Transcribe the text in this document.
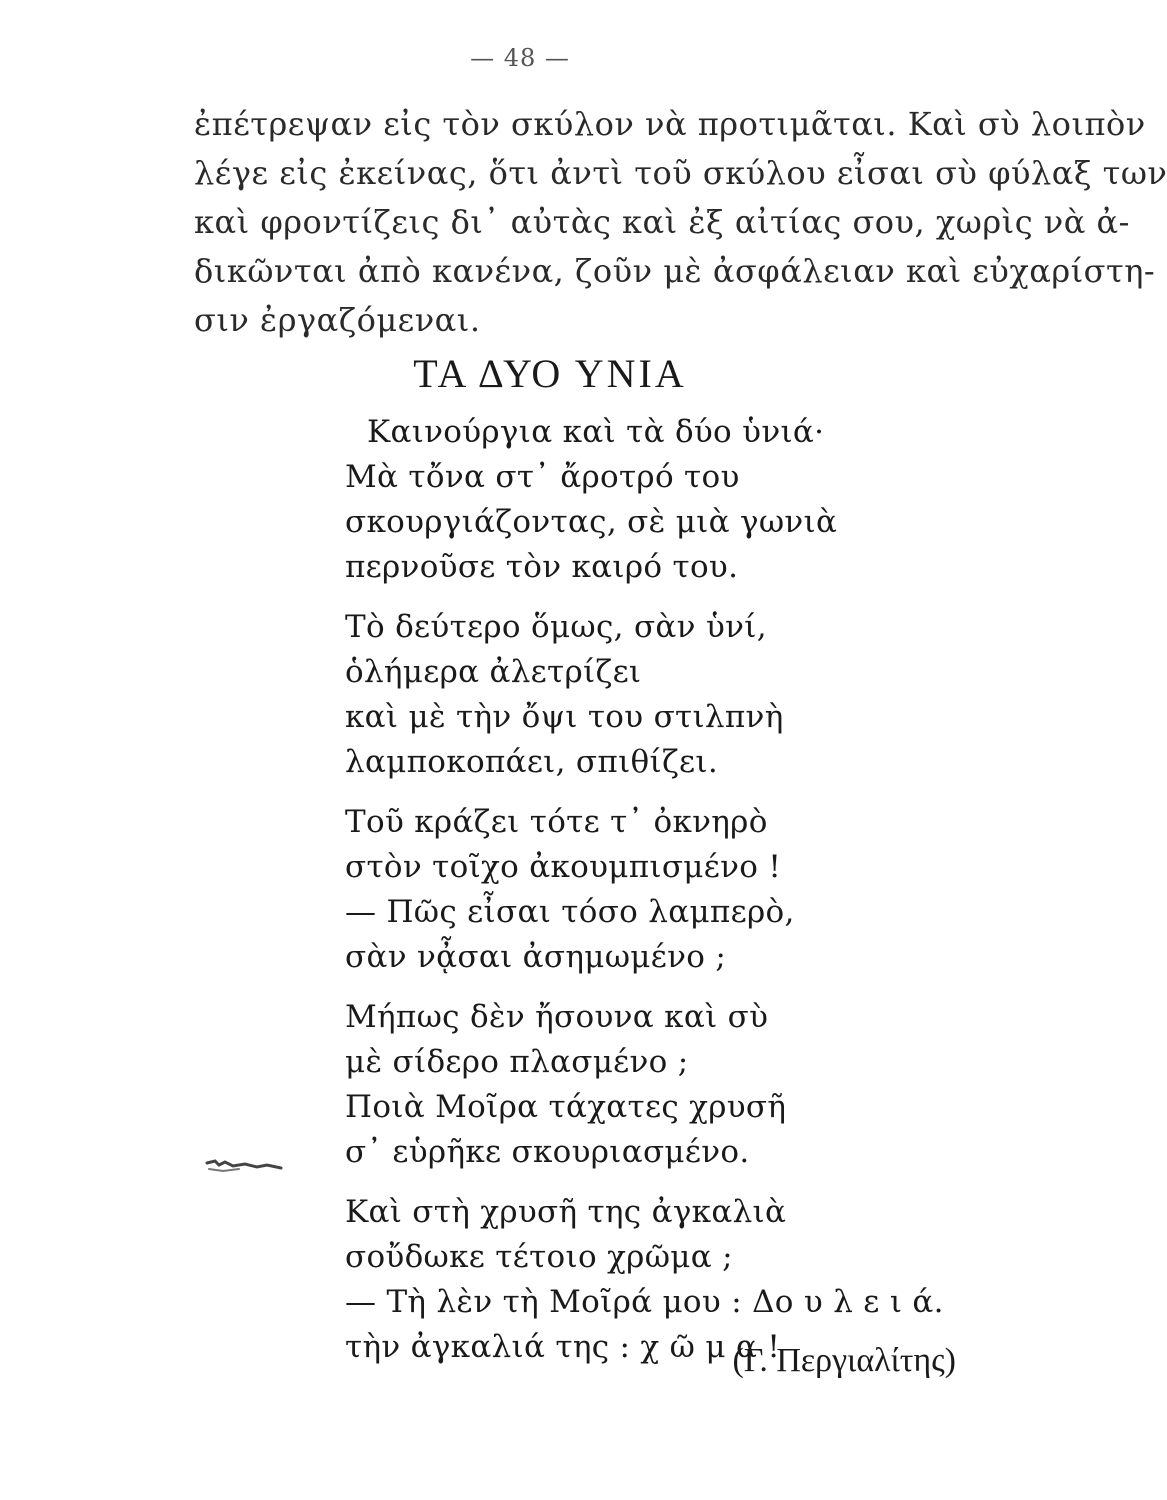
— 48 —
ἐπέτρεψαν εἰς τὸν σκύλον νὰ προτιμᾶται. Καὶ σὺ λοιπὸν
λέγε εἰς ἐκείνας, ὅτι ἀντὶ τοῦ σκύλου εἶσαι σὺ φύλαξ των
καὶ φροντίζεις δι᾽ αὐτὰς καὶ ἐξ αἰτίας σου, χωρὶς νὰ ἀ-
δικῶνται ἀπὸ κανένα, ζοῦν μὲ ἀσφάλειαν καὶ εὐχαρίστη-
σιν ἐργαζόμεναι.
ΤΑ ΔΥΟ ΥΝΙΑ
Καινούργια καὶ τὰ δύο ὑνιά·
Μὰ τὄνα στ᾽ ἄροτρό του
σκουργιάζοντας, σὲ μιὰ γωνιὰ
περνοῦσε τὸν καιρό του.
Τὸ δεύτερο ὅμως, σὰν ὑνί,
ὁλήμερα ἀλετρίζει
καὶ μὲ τὴν ὄψι του στιλπνὴ
λαμποκοπάει, σπιθίζει.
Τοῦ κράζει τότε τ᾽ ὀκνηρὸ
στὸν τοῖχο ἀκουμπισμένο !
— Πῶς εἶσαι τόσο λαμπερὸ,
σὰν νᾆσαι ἀσημωμένο ;
Μήπως δὲν ἤσουνα καὶ σὺ
μὲ σίδερο πλασμένο ;
Ποιὰ Μοῖρα τάχατες χρυσῆ
σ᾽ εὑρῆκε σκουριασμένο.
Καὶ στὴ χρυσῆ της ἀγκαλιὰ
σοὔδωκε τέτοιο χρῶμα ;
— Τὴ λὲν τὴ Μοῖρά μου : Δο υ λ ε ι ά.
τὴν ἀγκαλιά της : χ ῶ μ α !
(Γ. Περγιαλίτης)
